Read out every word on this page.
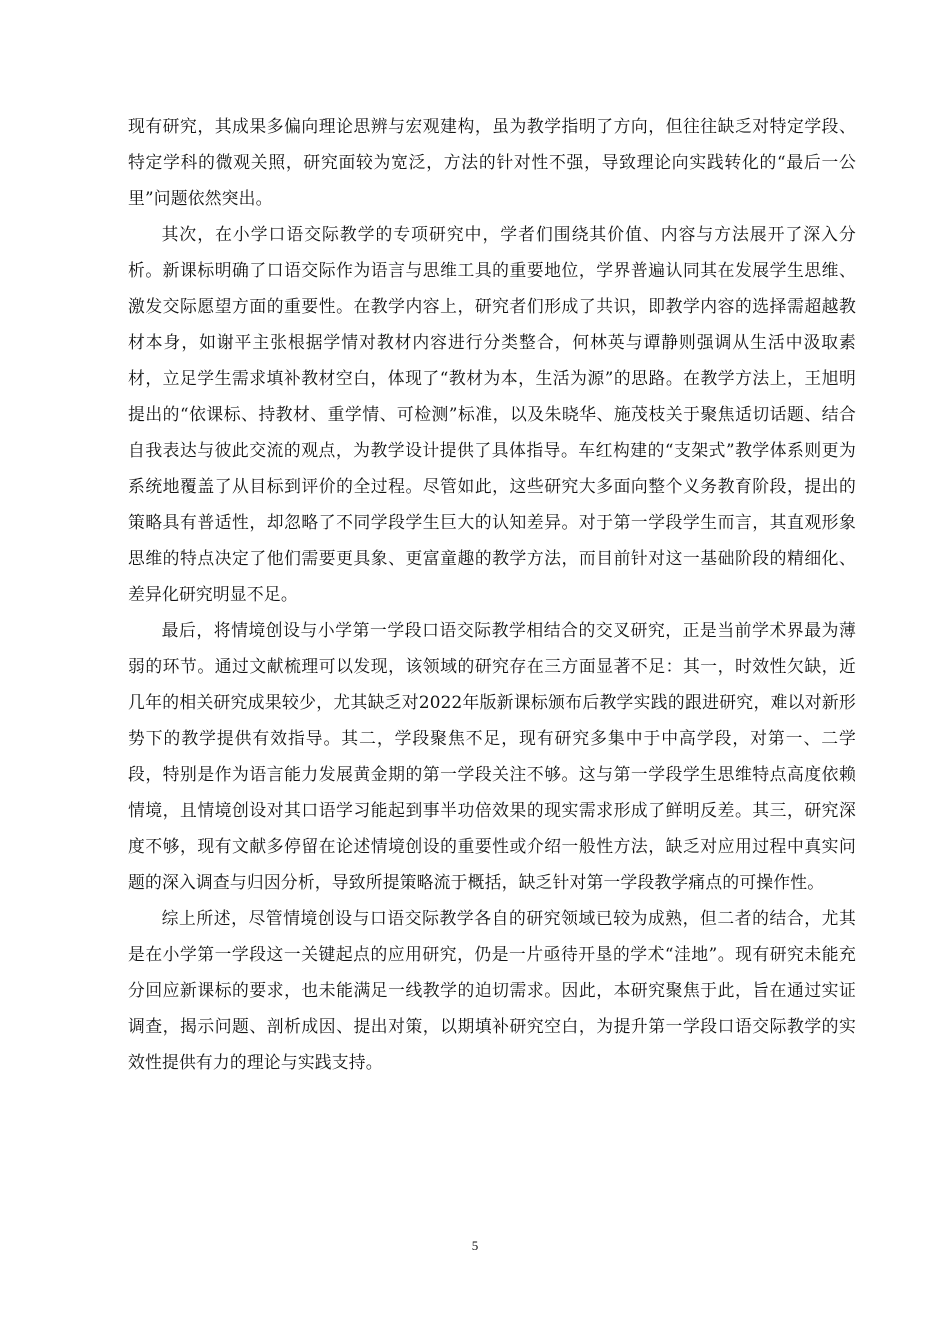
现有研究，其成果多偏向理论思辨与宏观建构，虽为教学指明了方向，但往往缺乏对特定学段、特定学科的微观关照，研究面较为宽泛，方法的针对性不强，导致理论向实践转化的“最后一公里”问题依然突出。

其次，在小学口语交际教学的专项研究中，学者们围绕其价值、内容与方法展开了深入分析。新课标明确了口语交际作为语言与思维工具的重要地位，学界普遍认同其在发展学生思维、激发交际愿望方面的重要性。在教学内容上，研究者们形成了共识，即教学内容的选择需超越教材本身，如谢平主张根据学情对教材内容进行分类整合，何林英与谭静则强调从生活中汲取素材，立足学生需求填补教材空白，体现了“教材为本，生活为源”的思路。在教学方法上，王旭明提出的“依课标、持教材、重学情、可检测”标准，以及朱晓华、施茂枝关于聚焦适切话题、结合自我表达与彼此交流的观点，为教学设计提供了具体指导。车红构建的“支架式”教学体系则更为系统地覆盖了从目标到评价的全过程。尽管如此，这些研究大多面向整个义务教育阶段，提出的策略具有普适性，却忽略了不同学段学生巨大的认知差异。对于第一学段学生而言，其直观形象思维的特点决定了他们需要更具象、更富童趣的教学方法，而目前针对这一基础阶段的精细化、差异化研究明显不足。

最后，将情境创设与小学第一学段口语交际教学相结合的交叉研究，正是当前学术界最为薄弱的环节。通过文献梳理可以发现，该领域的研究存在三方面显著不足：其一，时效性欠缺，近几年的相关研究成果较少，尤其缺乏对2022年版新课标颁布后教学实践的跟进研究，难以对新形势下的教学提供有效指导。其二，学段聚焦不足，现有研究多集中于中高学段，对第一、二学段，特别是作为语言能力发展黄金期的第一学段关注不够。这与第一学段学生思维特点高度依赖情境，且情境创设对其口语学习能起到事半功倍效果的现实需求形成了鲜明反差。其三，研究深度不够，现有文献多停留在论述情境创设的重要性或介绍一般性方法，缺乏对应用过程中真实问题的深入调查与归因分析，导致所提策略流于概括，缺乏针对第一学段教学痛点的可操作性。

综上所述，尽管情境创设与口语交际教学各自的研究领域已较为成熟，但二者的结合，尤其是在小学第一学段这一关键起点的应用研究，仍是一片亟待开垦的学术“洼地”。现有研究未能充分回应新课标的要求，也未能满足一线教学的迫切需求。因此，本研究聚焦于此，旨在通过实证调查，揭示问题、剖析成因、提出对策，以期填补研究空白，为提升第一学段口语交际教学的实效性提供有力的理论与实践支持。

5
